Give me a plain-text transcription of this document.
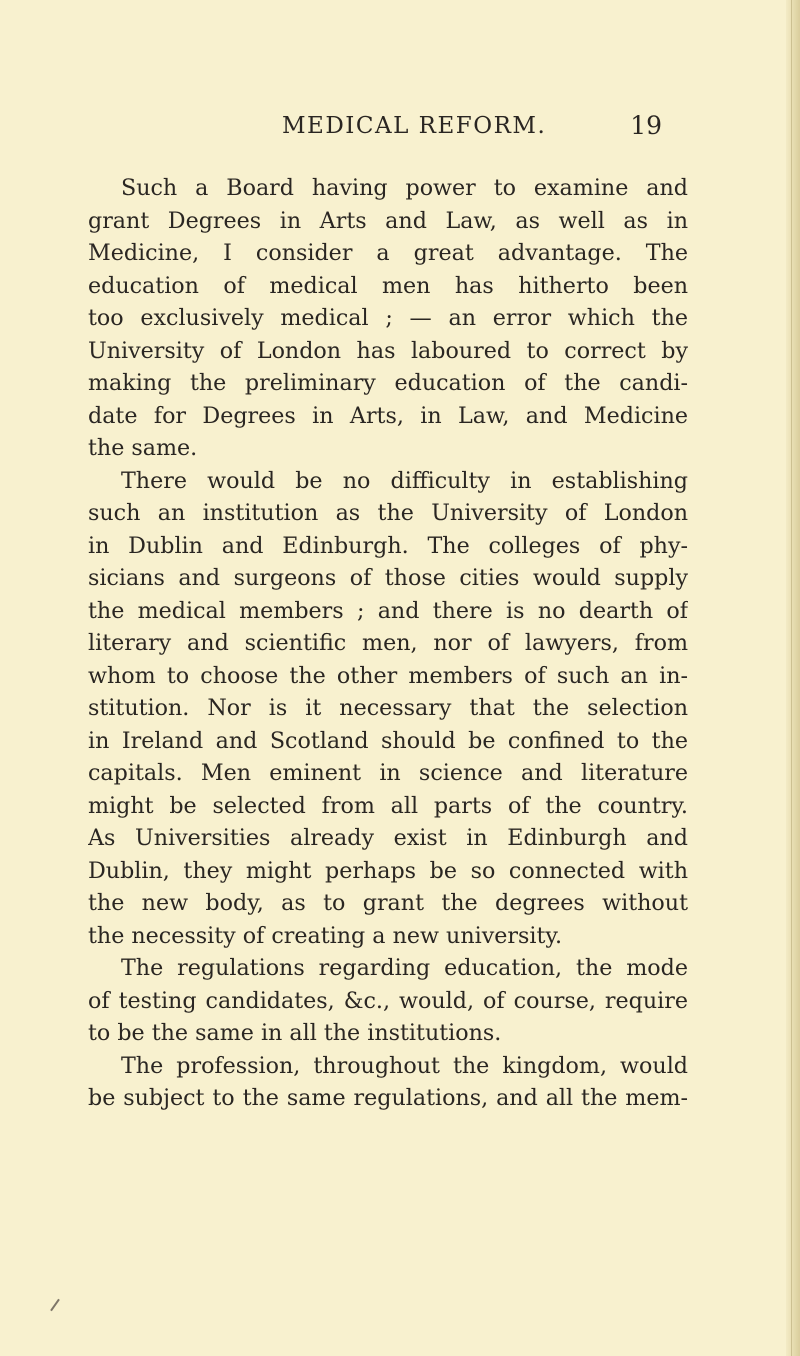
MEDICAL REFORM.	19
Such a Board having power to examine and
grant Degrees in Arts and Law, as well as in
Medicine, I consider a great advantage. The
education of medical men has hitherto been
too exclusively medical ; — an error which the
University of London has laboured to correct by
making the preliminary education of the candi-
date for Degrees in Arts, in Law, and Medicine
the same.
There would be no difficulty in establishing
such an institution as the University of London
in Dublin and Edinburgh. The colleges of phy-
sicians and surgeons of those cities would supply
the medical members ; and there is no dearth of
literary and scientific men, nor of lawyers, from
whom to choose the other members of such an in-
stitution. Nor is it necessary that the selection
in Ireland and Scotland should be confined to the
capitals. Men eminent in science and literature
might be selected from all parts of the country.
As Universities already exist in Edinburgh and
Dublin, they might perhaps be so connected with
the new body, as to grant the degrees without
the necessity of creating a new university.
The regulations regarding education, the mode
of testing candidates, &c., would, of course, require
to be the same in all the institutions.
The profession, throughout the kingdom, would
be subject to the same regulations, and all the mem-
